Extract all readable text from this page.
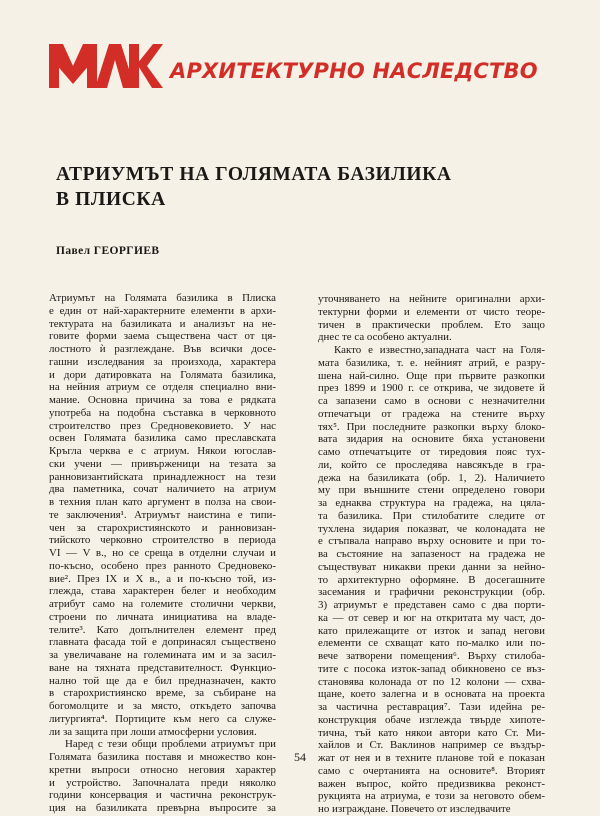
АРХИТЕКТУРНО НАСЛЕДСТВО
АТРИУМЪТ НА ГОЛЯМАТА БАЗИЛИКА
В ПЛИСКА
Павел ГЕОРГИЕВ
Атриумът на Голямата базилика в Плиска
е един от най-характерните елементи в архи-
тектурата на базиликата и анализът на не-
говите форми заема съществена част от ця-
лостното ѝ разглеждане. Във всички досе-
гашни изследвания за произхода, характера
и дори датировката на Голямата базилика,
на нейния атриум се отделя специално вни-
мание. Основна причина за това е рядката
употреба на подобна съставка в черковното
строителство през Средновековието. У нас
освен Голямата базилика само преславската
Кръгла черква е с атриум. Някои югослав-
ски учени — привърженици на тезата за
ранновизантийската принадлежност на тези
два паметника, сочат наличието на атриум
в техния план като аргумент в полза на свои-
те заключения¹. Атриумът наистина е типи-
чен за старохристиянското и ранновизан-
тийското черковно строителство в периода
VI — V в., но се среща в отделни случаи и
по-късно, особено през ранното Средновеко-
вие². През IX и X в., а и по-късно той, из-
глежда, става характерен белег и необходим
атрибут само на големите столични черкви,
строени по личната инициатива на владе-
телите³. Като допълнителен елемент пред
главната фасада той е допринасял съществено
за увеличаване на големината им и за засил-
ване на тяхната представителност. Функцио-
нално той ще да е бил предназначен, както
в старохристиянско време, за събиране на
богомолците и за място, откъдето започва
литургията⁴. Портиците към него са служе-
ли за защита при лоши атмосферни условия.
Наред с тези общи проблеми атриумът при
Голямата базилика поставя и множество кон-
кретни въпроси относно неговия характер
и устройство. Започналата преди няколко
години консервация и частична реконструк-
ция на базиликата превърна въпросите за
уточняването на нейните оригинални архи-
тектурни форми и елементи от чисто теоре-
тичен в практически проблем. Ето защо
днес те са особено актуални.
Както е известно,западната част на Голя-
мата базилика, т. е. нейният атрий, е разру-
шена най-силно. Още при първите разкопки
през 1899 и 1900 г. се открива, че зидовете й
са запазени само в основи с незначителни
отпечатъци от градежа на стените върху
тях⁵. При последните разкопки върху блоко-
вата зидария на основите бяха установени
само отпечатъците от тиредовия пояс тух-
ли, който се проследява навсякъде в гра-
дежа на базиликата (обр. 1, 2). Наличието
му при външните стени определено говори
за еднаква структура на градежа, на цяла-
та базилика. При стилобатите следите от
тухлена зидария показват, че колонадата не
е стъпвала направо върху основите и при то-
ва състояние на запазеност на градежа не
съществуват никакви преки данни за нейно-
то архитектурно оформяне. В досегашните
засемания и графични реконструкции (обр.
3) атриумът е представен само с два порти-
ка — от север и юг на откритата му част, до-
като прилежащите от изток и запад негови
елементи се схващат като по-малко или по-
вече затворени помещения⁶. Върху стилоба-
тите с посока изток-запад обикновено се въз-
становява колонада от по 12 колони — схва-
щане, което залегна и в основата на проекта
за частична реставрация⁷. Тази идейна ре-
конструкция обаче изглежда твърде хипоте-
тична, тъй като някои автори като Ст. Ми-
хайлов и Ст. Ваклинов например се въздър-
жат от нея и в техните планове той е показан
само с очертанията на основите⁸. Вторият
важен въпрос, който предизвиква реконст-
рукцията на атриума, е този за неговото обем-
но изграждане. Повечето от изследвачите
54
